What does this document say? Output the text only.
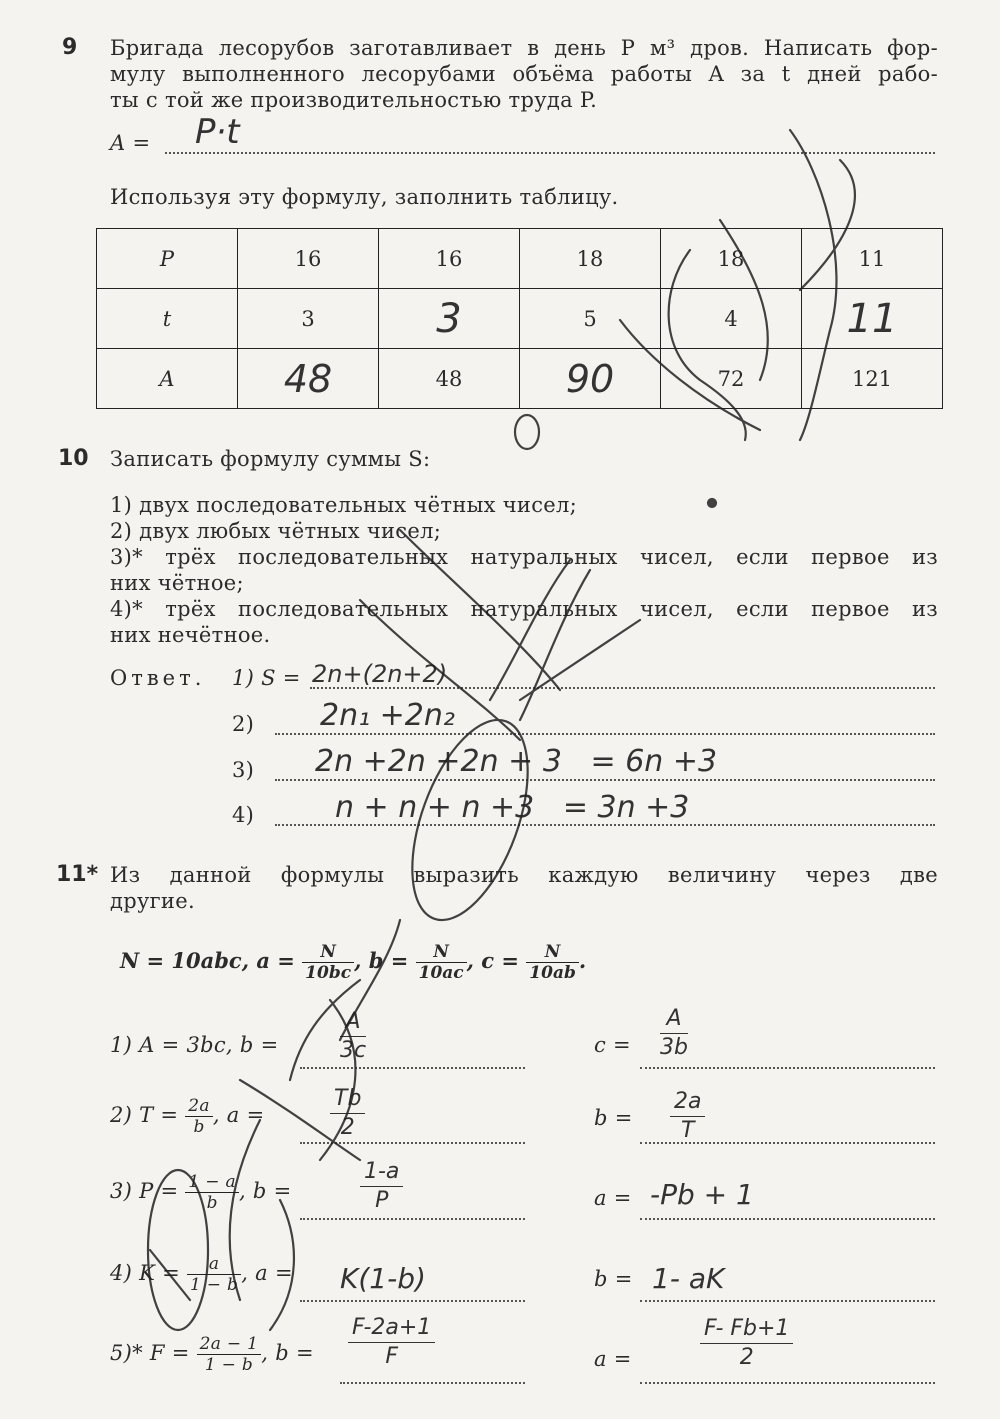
9 Бригада лесорубов заготавливает в день P м³ дров. Написать фор-
мулу выполненного лесорубами объёма работы A за t дней рабо-
ты с той же производительностью труда P.
A = P·t
Используя эту формулу, заполнить таблицу.
P	16	16	18	18	11
t	3	3	5	4	11
A	48	48	90	72	121
10 Записать формулу суммы S:
1) двух последовательных чётных чисел;
2) двух любых чётных чисел;
3)* трёх последовательных натуральных чисел, если первое из
них чётное;
4)* трёх последовательных натуральных чисел, если первое из
них нечётное.
Ответ. 1) S = 2n+(2n+2)
2) 2n₁ +2n₂
3) 2n +2n +2n + 3   = 6n +3
4)	n + n + n +3   = 3n +3
11* Из данной формулы выразить каждую величину через две
другие.
N = 10abc, $a = \frac{N}{10bc}$ , $b = \frac{N}{10ac}$ , $c = \frac{N}{10ab}$ .
1) A = 3bc, b =
A
3c	c =
A
3b
2) $T = \frac{2a}{b}$ , a =
Tb
2	b =
2a
T
3) $P = \frac{1 - a}{b}$ , b =
1-a
P	a = -Pb + 1
4) $K = \frac{a}{1 - b}$ , a = K(1-b)	b = 1- aK
5)* $F = \frac{2a - 1}{1 - b}$ , b =
F-2a+1
F	a =
F- Fb+1
2
